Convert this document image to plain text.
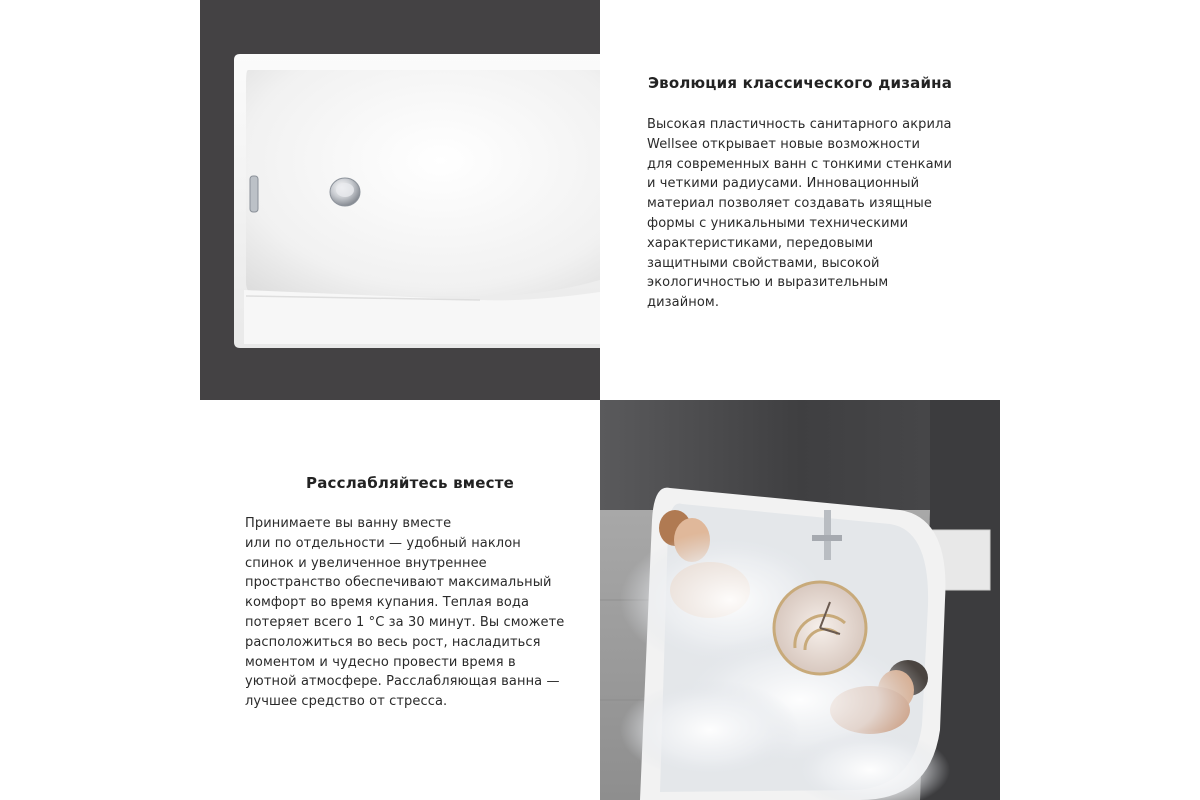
Эволюция классического дизайна

Высокая пластичность санитарного акрила
Wellsee открывает новые возможности
для современных ванн с тонкими стенками
и четкими радиусами. Инновационный
материал позволяет создавать изящные
формы с уникальными техническими
характеристиками, передовыми
защитными свойствами, высокой
экологичностью и выразительным
дизайном.

Расслабляйтесь вместе

Принимаете вы ванну вместе
или по отдельности — удобный наклон
спинок и увеличенное внутреннее
пространство обеспечивают максимальный
комфорт во время купания. Теплая вода
потеряет всего 1 °С за 30 минут. Вы сможете
расположиться во весь рост, насладиться
моментом и чудесно провести время в
уютной атмосфере. Расслабляющая ванна —
лучшее средство от стресса.
